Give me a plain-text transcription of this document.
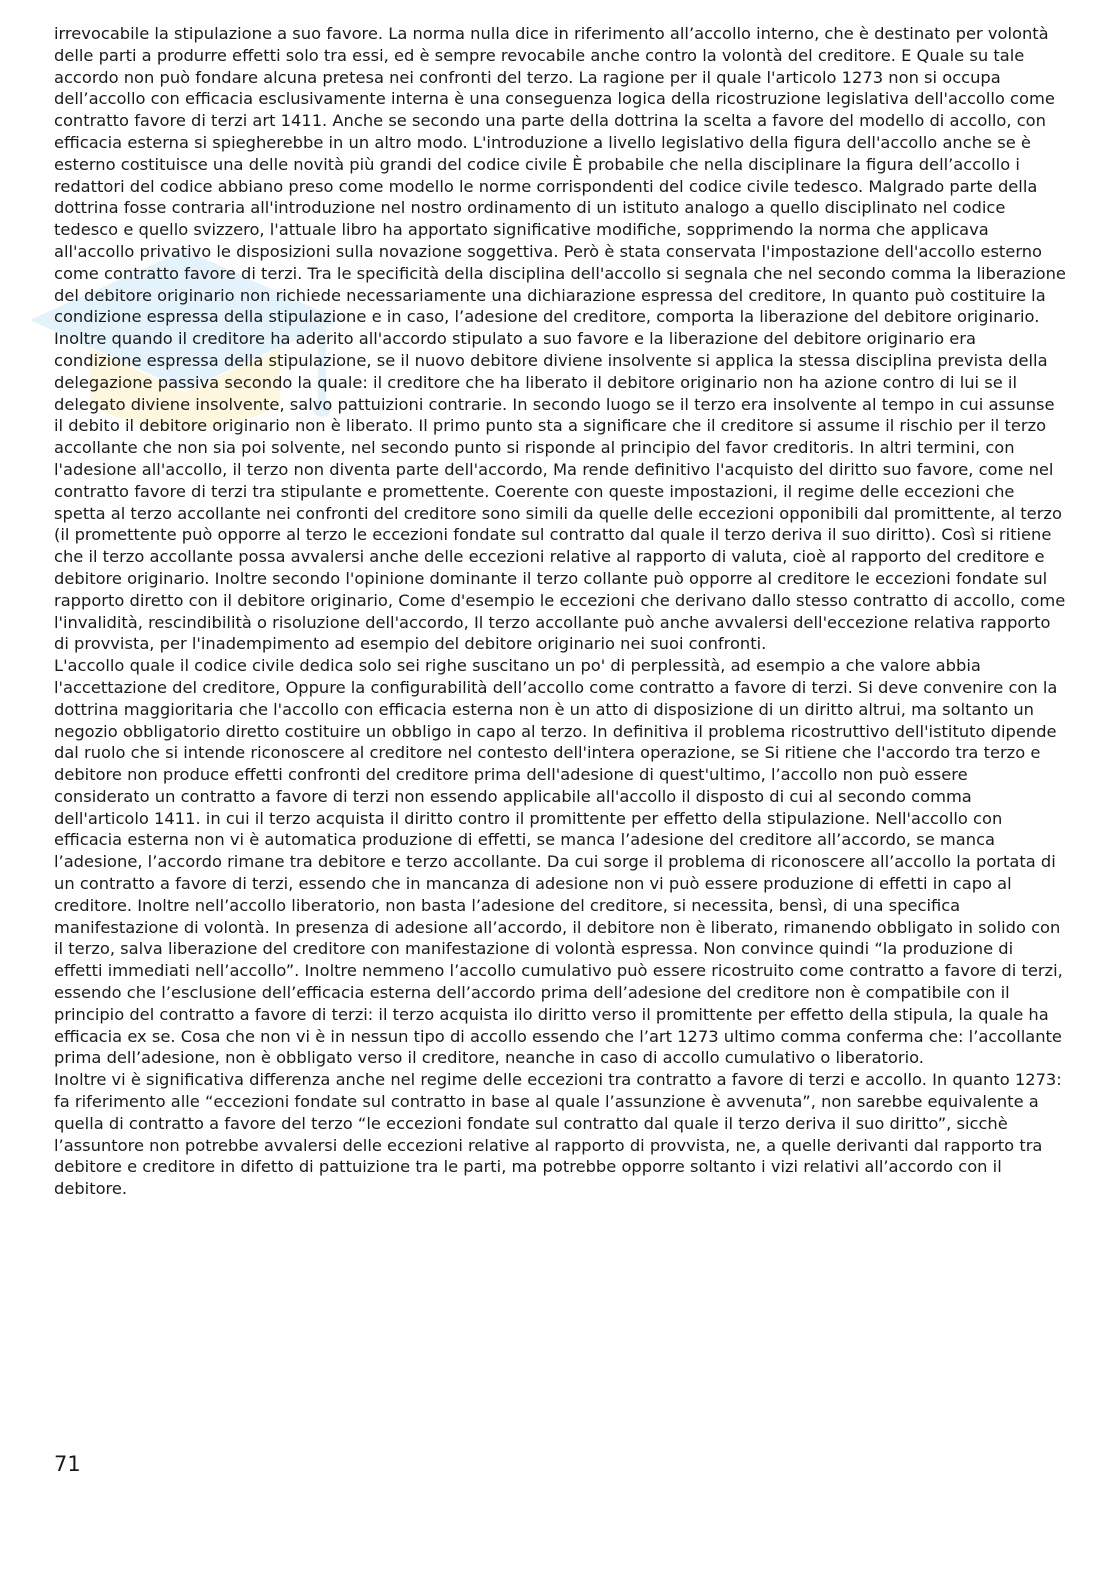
irrevocabile la stipulazione a suo favore. La norma nulla dice in riferimento all’accollo interno, che è destinato per volontà delle parti a produrre effetti solo tra essi, ed è sempre revocabile anche contro la volontà del creditore. E Quale su tale accordo non può fondare alcuna pretesa nei confronti del terzo. La ragione per il quale l'articolo 1273 non si occupa dell’accollo con efficacia esclusivamente interna è una conseguenza logica della ricostruzione legislativa dell'accollo come contratto favore di terzi art 1411. Anche se secondo una parte della dottrina la scelta a favore del modello di accollo, con efficacia esterna si spiegherebbe in un altro modo. L'introduzione a livello legislativo della figura dell'accollo anche se è esterno costituisce una delle novità più grandi del codice civile È probabile che nella disciplinare la figura dell’accollo i redattori del codice abbiano preso come modello le norme corrispondenti del codice civile tedesco. Malgrado parte della dottrina fosse contraria all'introduzione nel nostro ordinamento di un istituto analogo a quello disciplinato nel codice tedesco e quello svizzero, l'attuale libro ha apportato significative modifiche, sopprimendo la norma che applicava all'accollo privativo le disposizioni sulla novazione soggettiva. Però è stata conservata l'impostazione dell'accollo esterno come contratto favore di terzi. Tra le specificità della disciplina dell'accollo si segnala che nel secondo comma la liberazione del debitore originario non richiede necessariamente una dichiarazione espressa del creditore, In quanto può costituire la condizione espressa della stipulazione e in caso, l’adesione del creditore, comporta la liberazione del debitore originario. Inoltre quando il creditore ha aderito all'accordo stipulato a suo favore e la liberazione del debitore originario era condizione espressa della stipulazione, se il nuovo debitore diviene insolvente si applica la stessa disciplina prevista della delegazione passiva secondo la quale: il creditore che ha liberato il debitore originario non ha azione contro di lui se il delegato diviene insolvente, salvo pattuizioni contrarie. In secondo luogo se il terzo era insolvente al tempo in cui assunse il debito il debitore originario non è liberato. Il primo punto sta a significare che il creditore si assume il rischio per il terzo accollante che non sia poi solvente, nel secondo punto si risponde al principio del favor creditoris. In altri termini, con l'adesione all'accollo, il terzo non diventa parte dell'accordo, Ma rende definitivo l'acquisto del diritto suo favore, come nel contratto favore di terzi tra stipulante e promettente. Coerente con queste impostazioni, il regime delle eccezioni che spetta al terzo accollante nei confronti del creditore sono simili da quelle delle eccezioni opponibili dal promittente, al terzo (il promettente può opporre al terzo le eccezioni fondate sul contratto dal quale il terzo deriva il suo diritto). Così si ritiene che il terzo accollante possa avvalersi anche delle eccezioni relative al rapporto di valuta, cioè al rapporto del creditore e debitore originario. Inoltre secondo l'opinione dominante il terzo collante può opporre al creditore le eccezioni fondate sul rapporto diretto con il debitore originario, Come d'esempio le eccezioni che derivano dallo stesso contratto di accollo, come l'invalidità, rescindibilità o risoluzione dell'accordo, Il terzo accollante può anche avvalersi dell'eccezione relativa rapporto di provvista, per l'inadempimento ad esempio del debitore originario nei suoi confronti.

L'accollo quale il codice civile dedica solo sei righe suscitano un po' di perplessità, ad esempio a che valore abbia l'accettazione del creditore, Oppure la configurabilità dell’accollo come contratto a favore di terzi. Si deve convenire con la dottrina maggioritaria che l'accollo con efficacia esterna non è un atto di disposizione di un diritto altrui, ma soltanto un negozio obbligatorio diretto costituire un obbligo in capo al terzo. In definitiva il problema ricostruttivo dell'istituto dipende dal ruolo che si intende riconoscere al creditore nel contesto dell'intera operazione, se Si ritiene che l'accordo tra terzo e debitore non produce effetti confronti del creditore prima dell'adesione di quest'ultimo, l’accollo non può essere considerato un contratto a favore di terzi non essendo applicabile all'accollo il disposto di cui al secondo comma dell'articolo 1411. in cui il terzo acquista il diritto contro il promittente per effetto della stipulazione. Nell'accollo con efficacia esterna non vi è automatica produzione di effetti, se manca l’adesione del creditore all’accordo, se manca l’adesione, l’accordo rimane tra debitore e terzo accollante. Da cui sorge il problema di riconoscere all’accollo la portata di un contratto a favore di terzi, essendo che in mancanza di adesione non vi può essere produzione di effetti in capo al creditore. Inoltre nell’accollo liberatorio, non basta l’adesione del creditore, si necessita, bensì, di una specifica manifestazione di volontà. In presenza di adesione all’accordo, il debitore non è liberato, rimanendo obbligato in solido con il terzo, salva liberazione del creditore con manifestazione di volontà espressa. Non convince quindi “la produzione di effetti immediati nell’accollo”. Inoltre nemmeno l’accollo cumulativo può essere ricostruito come contratto a favore di terzi, essendo che l’esclusione dell’efficacia esterna dell’accordo prima dell’adesione del creditore non è compatibile con il principio del contratto a favore di terzi: il terzo acquista ilo diritto verso il promittente per effetto della stipula, la quale ha efficacia ex se. Cosa che non vi è in nessun tipo di accollo essendo che l’art 1273 ultimo comma conferma che: l’accollante prima dell’adesione, non è obbligato verso il creditore, neanche in caso di accollo cumulativo o liberatorio.

Inoltre vi è significativa differenza anche nel regime delle eccezioni tra contratto a favore di terzi e accollo. In quanto 1273: fa riferimento alle “eccezioni fondate sul contratto in base al quale l’assunzione è avvenuta”, non sarebbe equivalente a quella di contratto a favore del terzo “le eccezioni fondate sul contratto dal quale il terzo deriva il suo diritto”, sicchè l’assuntore non potrebbe avvalersi delle eccezioni relative al rapporto di provvista, ne, a quelle derivanti dal rapporto tra debitore e creditore in difetto di pattuizione tra le parti, ma potrebbe opporre soltanto i vizi relativi all’accordo con il debitore.

71
